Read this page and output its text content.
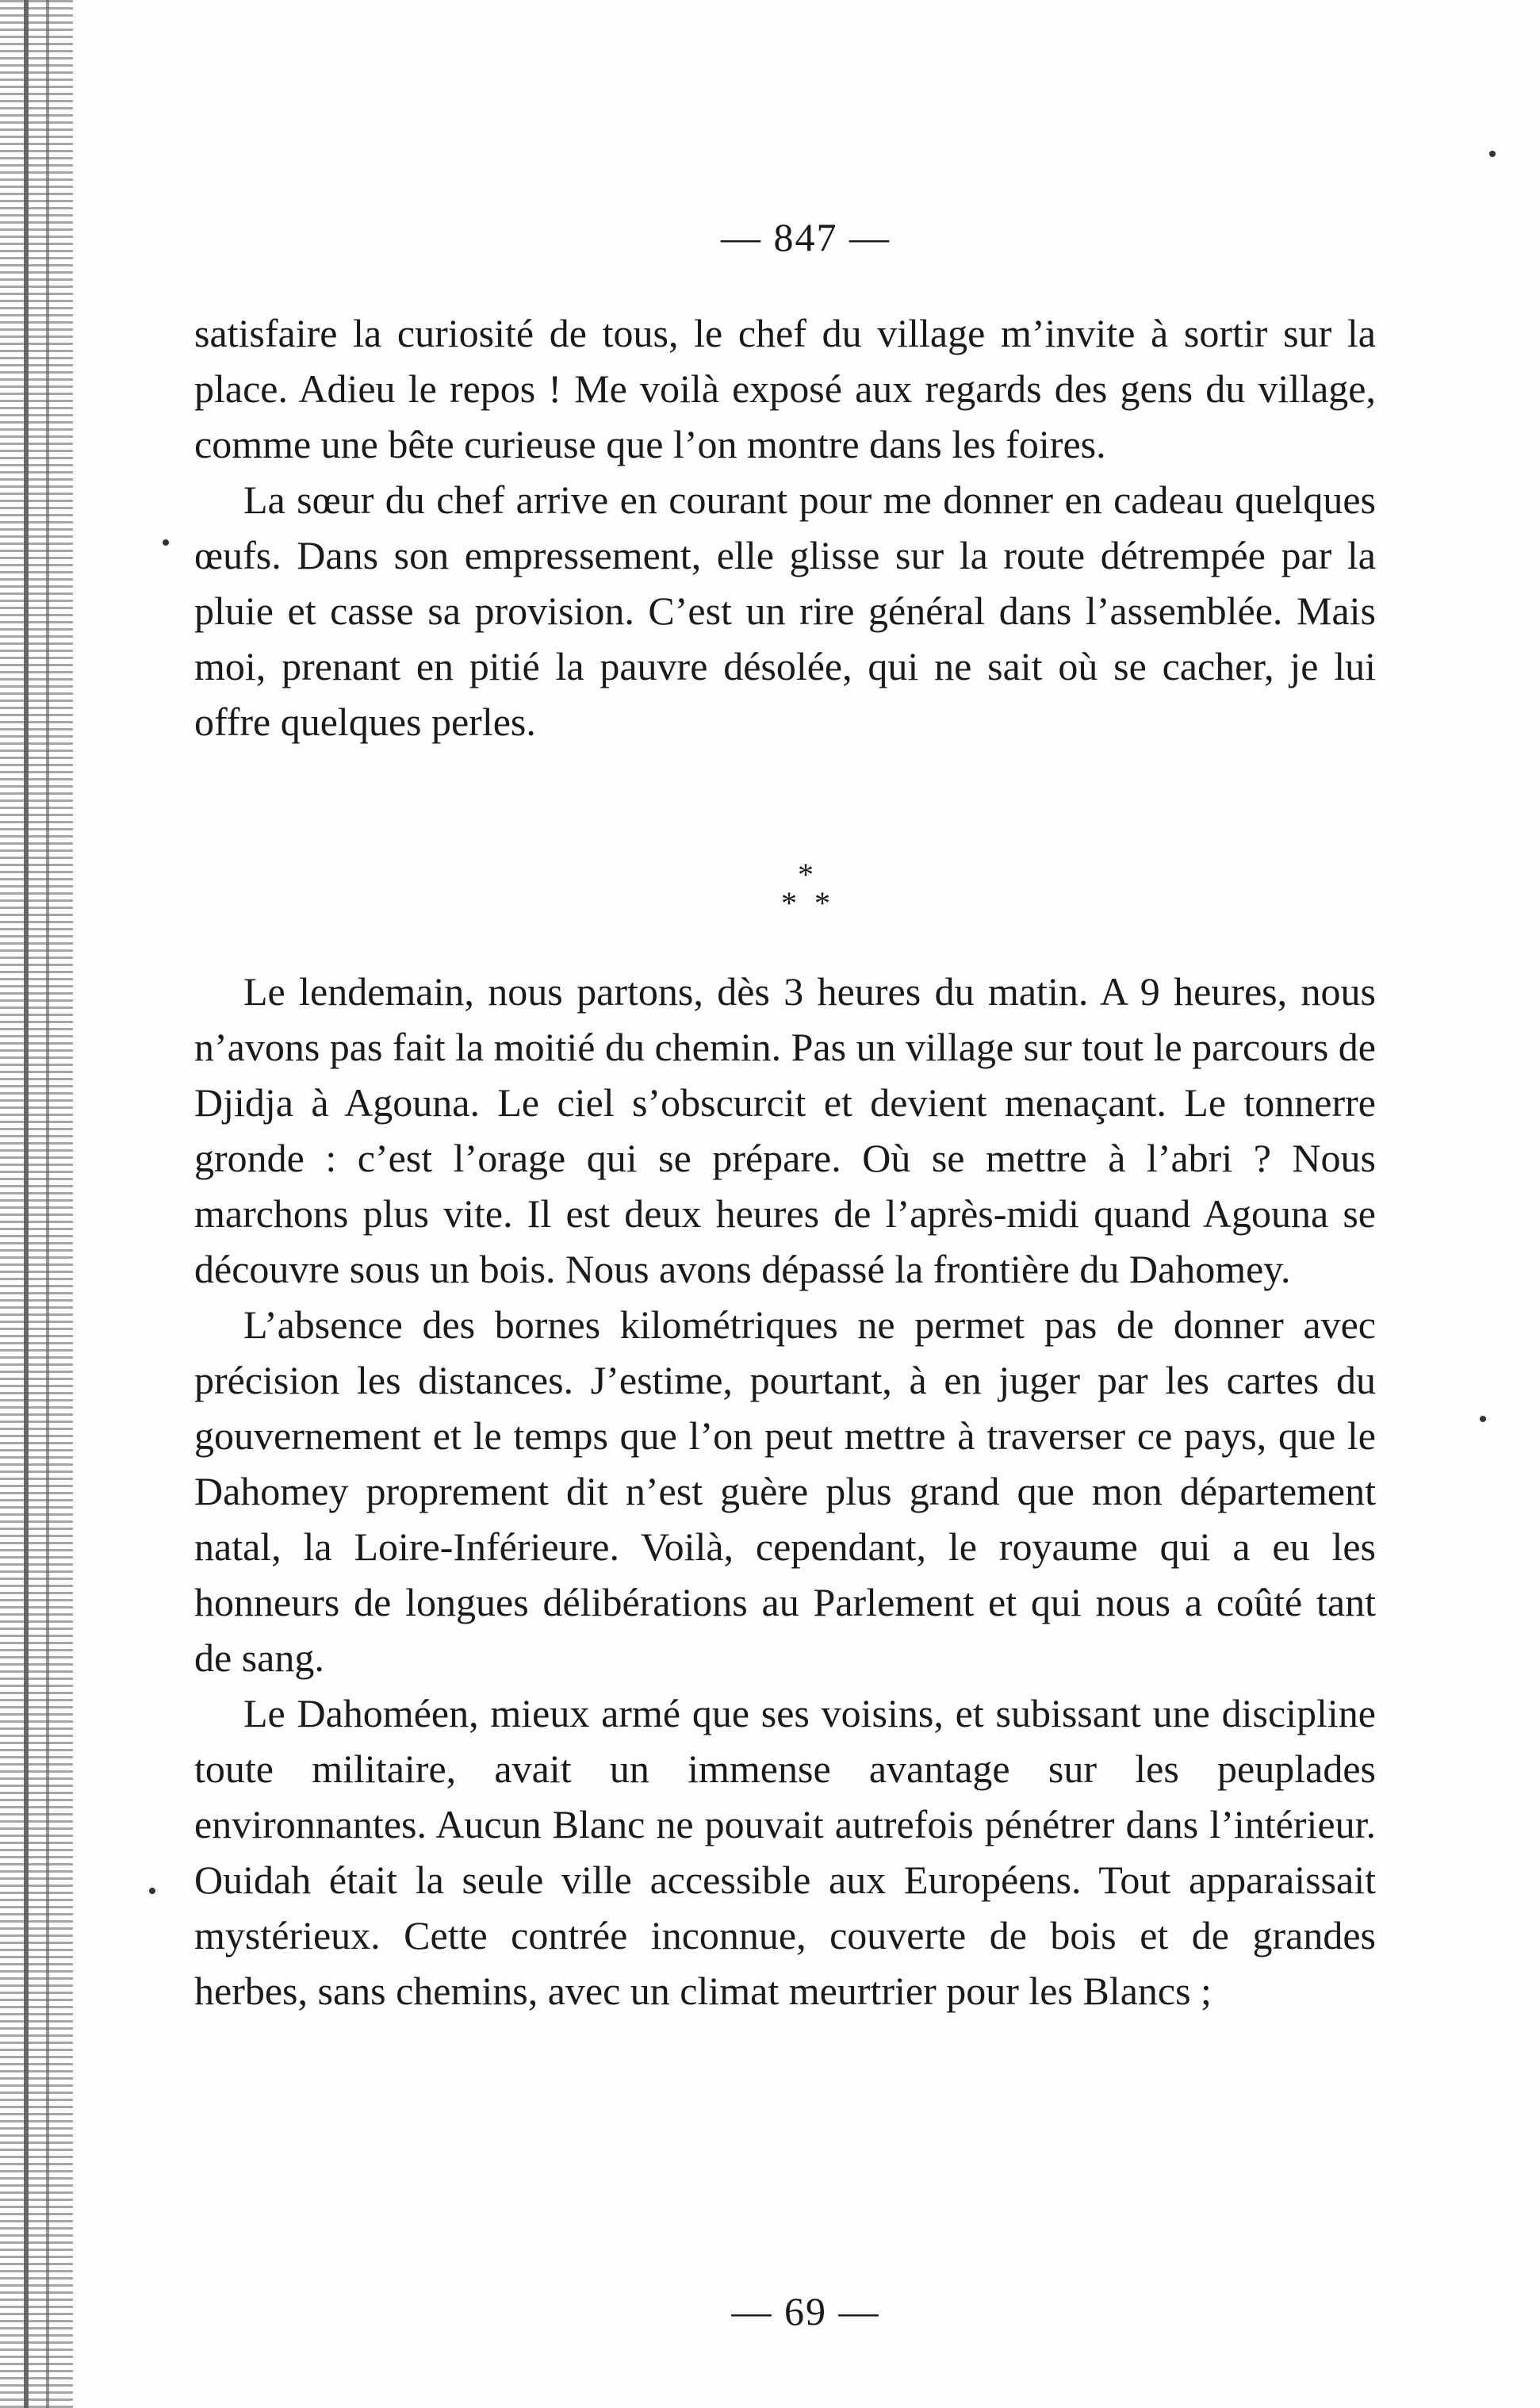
— 847 —

satisfaire la curiosité de tous, le chef du village m’invite à sortir sur la place. Adieu le repos ! Me voilà exposé aux regards des gens du village, comme une bête curieuse que l’on montre dans les foires.

La sœur du chef arrive en courant pour me donner en cadeau quelques œufs. Dans son empressement, elle glisse sur la route détrempée par la pluie et casse sa provision. C’est un rire général dans l’assemblée. Mais moi, prenant en pitié la pauvre désolée, qui ne sait où se cacher, je lui offre quelques perles.

*
**

Le lendemain, nous partons, dès 3 heures du matin. A 9 heures, nous n’avons pas fait la moitié du chemin. Pas un village sur tout le parcours de Djidja à Agouna. Le ciel s’obscurcit et devient menaçant. Le tonnerre gronde : c’est l’orage qui se prépare. Où se mettre à l’abri ? Nous marchons plus vite. Il est deux heures de l’après-midi quand Agouna se découvre sous un bois. Nous avons dépassé la frontière du Dahomey.

L’absence des bornes kilométriques ne permet pas de donner avec précision les distances. J’estime, pourtant, à en juger par les cartes du gouvernement et le temps que l’on peut mettre à traverser ce pays, que le Dahomey proprement dit n’est guère plus grand que mon département natal, la Loire-Inférieure. Voilà, cependant, le royaume qui a eu les honneurs de longues délibérations au Parlement et qui nous a coûté tant de sang.

Le Dahoméen, mieux armé que ses voisins, et subissant une discipline toute militaire, avait un immense avantage sur les peuplades environnantes. Aucun Blanc ne pouvait autrefois pénétrer dans l’intérieur. Ouidah était la seule ville accessible aux Européens. Tout apparaissait mystérieux. Cette contrée inconnue, couverte de bois et de grandes herbes, sans chemins, avec un climat meurtrier pour les Blancs ;

— 69 —
